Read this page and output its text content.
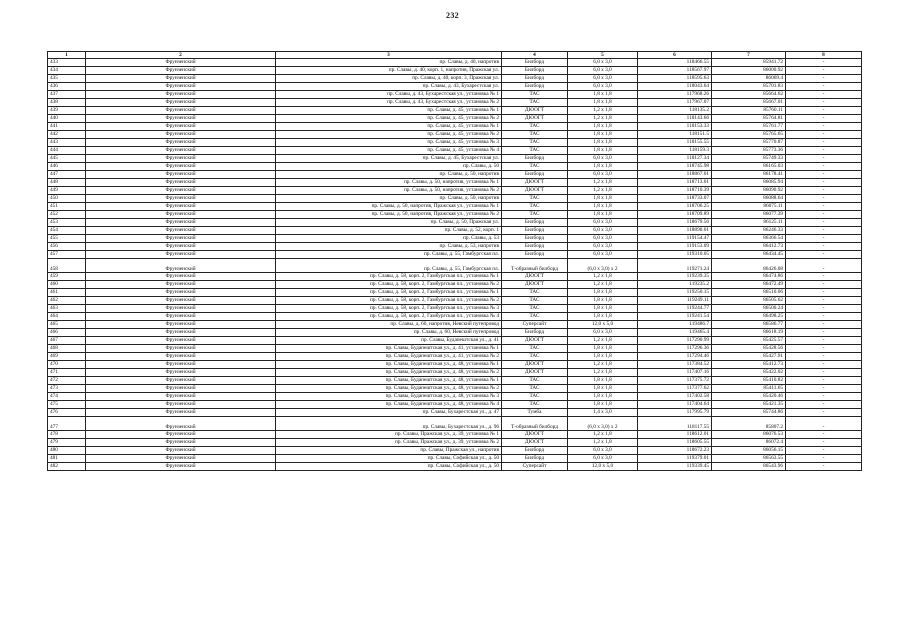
232
1	2	3	4	5	6	7	8
433	Фрунзенский	пр. Славы, д. 40, напротив	Билборд	6,0 х 3,0	118466.55	85941.72	-
434	Фрунзенский	пр. Славы, д. 40, корп. 1, напротив, Пражская ул.	Билборд	6,0 х 3,0	118567.97	86000.92	-
435	Фрунзенский	пр. Славы, д. 40, корп. 3, Пражская ул.	Билборд	6,0 х 3,0	118595.63	86069.4	-
436	Фрунзенский	пр. Славы, д. 43, Бухарестская ул.	Билборд	6,0 х 3,0	118043.64	85701.83	-
437	Фрунзенский	пр. Славы, д. 43, Бухарестская ул., установка № 1	ТАС	1,8 х 1,8	117968.26	85664.62	-
438	Фрунзенский	пр. Славы, д. 43, Бухарестская ул., установка № 2	ТАС	1,8 х 1,8	117967.07	85667.01	-
439	Фрунзенский	пр. Славы, д. 45, установка № 1	ДЮОГТ	1,2 х 1,8	118135.2	85760.11	-
440	Фрунзенский	пр. Славы, д. 45, установка № 2	ДЮОГТ	1,2 х 1,8	118143.66	85764.81	-
441	Фрунзенский	пр. Славы, д. 45, установка № 1	ТАС	1,8 х 1,8	118153.33	85761.77	-
442	Фрунзенский	пр. Славы, д. 45, установка № 2	ТАС	1,8 х 1,8	118151.5	85765.65	-
443	Фрунзенский	пр. Славы, д. 45, установка № 3	ТАС	1,8 х 1,8	118155.55	85770.87	-
444	Фрунзенский	пр. Славы, д. 45, установка № 4	ТАС	1,8 х 1,8	118159.3	85773.36	-
445	Фрунзенский	пр. Славы, д. 45, Бухарестская ул.	Билборд	6,0 х 3,0	118127.34	85749.33	-
446	Фрунзенский	пр. Славы, д. 50	ТАС	1,8 х 1,8	118745.98	86165.03	-
447	Фрунзенский	пр. Славы, д. 50, напротив	Билборд	6,0 х 3,0	118867.01	86178.41	-
448	Фрунзенский	пр. Славы, д. 50, напротив, установка № 1	ДЮОГТ	1,2 х 1,8	118713.01	86085.94	-
449	Фрунзенский	пр. Славы, д. 50, напротив, установка № 2	ДЮОГТ	1,2 х 1,8	118710.39	86090.92	-
450	Фрунзенский	пр. Славы, д. 50, напротив	ТАС	1,8 х 1,8	118733.07	86088.64	-
451	Фрунзенский	пр. Славы, д. 50, напротив, Пражская ул., установка № 1	ТАС	1,8 х 1,8	118706.25	86075.11	-
452	Фрунзенский	пр. Славы, д. 50, напротив, Пражская ул., установка № 2	ТАС	1,8 х 1,8	118709.89	86077.39	-
453	Фрунзенский	пр. Славы, д. 50, Пражская ул.	Билборд	6,0 х 3,0	118679.56	86125.11	-
454	Фрунзенский	пр. Славы, д. 52, корп. 1	Билборд	6,0 х 3,0	118890.01	86246.33	-
455	Фрунзенский	пр. Славы, д. 53	Билборд	6,0 х 3,0	119154.47	86366.54	-
456	Фрунзенский	пр. Славы, д. 53, напротив	Билборд	6,0 х 3,0	119153.09	86412.73	-
457	Фрунзенский	пр. Славы, д. 55, Гамбургская пл.	Билборд	6,0 х 3,0	119310.05	86434.45	-
458	Фрунзенский	пр. Славы, д. 55, Гамбургская пл.	Т-образный билборд	(6,0 х 3,0) х 2	119271.24	86426.08	-
459	Фрунзенский	пр. Славы, д. 58, корп. 2, Гамбургская пл., установка № 1	ДЮОГТ	1,2 х 1,8	119239.35	86474.86	-
460	Фрунзенский	пр. Славы, д. 58, корп. 2, Гамбургская пл., установка № 2	ДЮОГТ	1,2 х 1,8	119235.2	86472.49	-
461	Фрунзенский	пр. Славы, д. 58, корп. 2, Гамбургская пл., установка № 1	ТАС	1,8 х 1,8	119250.15	86510.06	-
462	Фрунзенский	пр. Славы, д. 58, корп. 2, Гамбургская пл., установка № 2	ТАС	1,8 х 1,8	119249.11	86505.62	-
463	Фрунзенский	пр. Славы, д. 58, корп. 2, Гамбургская пл., установка № 3	ТАС	1,8 х 1,8	119244.77	86500.24	-
464	Фрунзенский	пр. Славы, д. 58, корп. 2, Гамбургская пл., установка № 4	ТАС	1,8 х 1,8	119241.54	86498.25	-
465	Фрунзенский	пр. Славы, д. 60, напротив, Невский путепровод	Суперсайт	12,0 х 5,0	119486.7	86586.77	-
466	Фрунзенский	пр. Славы, д. 60, Невский путепровод	Билборд	6,0 х 3,0	119465.4	86618.19	-
467	Фрунзенский	пр. Славы, Будапештская ул., д. 41	ДЮОГТ	1,2 х 1,8	117290.99	85425.57	-
468	Фрунзенский	пр. Славы, Будапештская ул., д. 41, установка № 1	ТАС	1,8 х 1,8	117296.36	85428.56	-
469	Фрунзенский	пр. Славы, Будапештская ул., д. 41, установка № 2	ТАС	1,8 х 1,8	117294.46	85427.91	-
470	Фрунзенский	пр. Славы, Будапештская ул., д. 48, установка № 1	ДЮОГТ	1,2 х 1,8	117384.52	85412.73	-
471	Фрунзенский	пр. Славы, Будапештская ул., д. 48, установка № 2	ДЮОГТ	1,2 х 1,8	117407.16	85422.02	-
472	Фрунзенский	пр. Славы, Будапештская ул., д. 48, установка № 1	ТАС	1,8 х 1,8	117375.72	85410.82	-
473	Фрунзенский	пр. Славы, Будапештская ул., д. 48, установка № 2	ТАС	1,8 х 1,8	117377.62	85411.65	-
474	Фрунзенский	пр. Славы, Будапештская ул., д. 48, установка № 3	ТАС	1,8 х 1,8	117402.58	85420.46	-
475	Фрунзенский	пр. Славы, Будапештская ул., д. 48, установка № 4	ТАС	1,8 х 1,8	117404.64	85421.35	-
476	Фрунзенский	пр. Славы, Бухарестская ул., д. 47	Тумба	1,4 х 3,0	117995.79	85744.86	-
477	Фрунзенский	пр. Славы, Бухарестская ул., д. 96	Т-образный билборд	(6,0 х 3,0) х 2	118117.55	85807.2	-
478	Фрунзенский	пр. Славы, Пражская ул., д. 39, установка № 1	ДЮОГТ	1,2 х 1,8	118612.01	86076.53	-
479	Фрунзенский	пр. Славы, Пражская ул., д. 39, установка № 2	ДЮОГТ	1,2 х 1,8	118605.55	86072.4	-
480	Фрунзенский	пр. Славы, Пражская ул., напротив	Билборд	6,0 х 3,0	118672.23	86056.15	-
481	Фрунзенский	пр. Славы, Софийская ул., д. 50	Билборд	6,0 х 3,0	119379.01	86563.55	-
482	Фрунзенский	пр. Славы, Софийская ул., д. 50	Суперсайт	12,0 х 5,0	119339.45	86543.96	-
